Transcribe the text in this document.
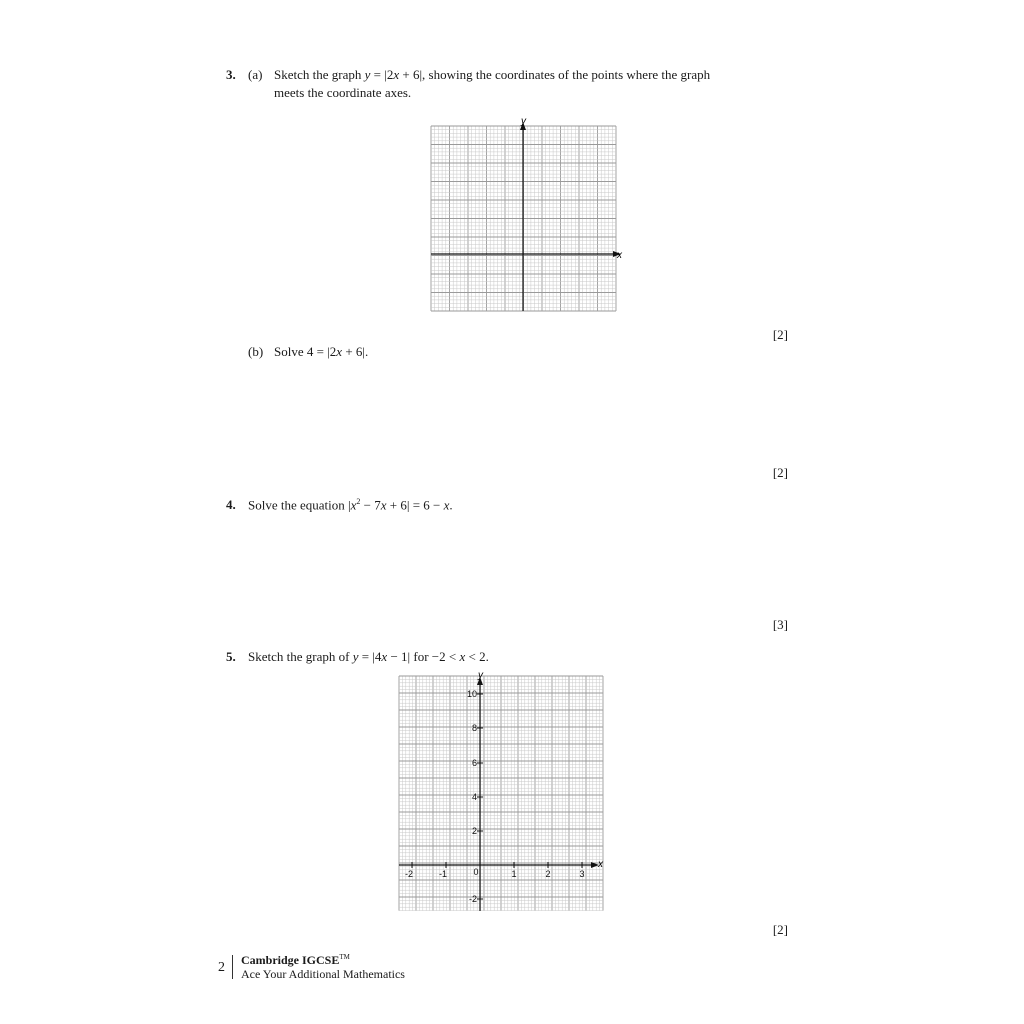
3. (a) Sketch the graph y = |2x + 6|, showing the coordinates of the points where the graph
meets the coordinate axes.
x
y
[2]
(b) Solve 4 = |2x + 6|.
[2]
4. Solve the equation $|x^2 - 7x + 6| = 6 - x$.
[3]
5. Sketch the graph of y = |4x − 1| for −2 < x < 2.
x
y
10
8
6
4
2
-2
-2	-1	0	1	2	3
[2]
2 Cambridge IGCSE™
Ace Your Additional Mathematics
